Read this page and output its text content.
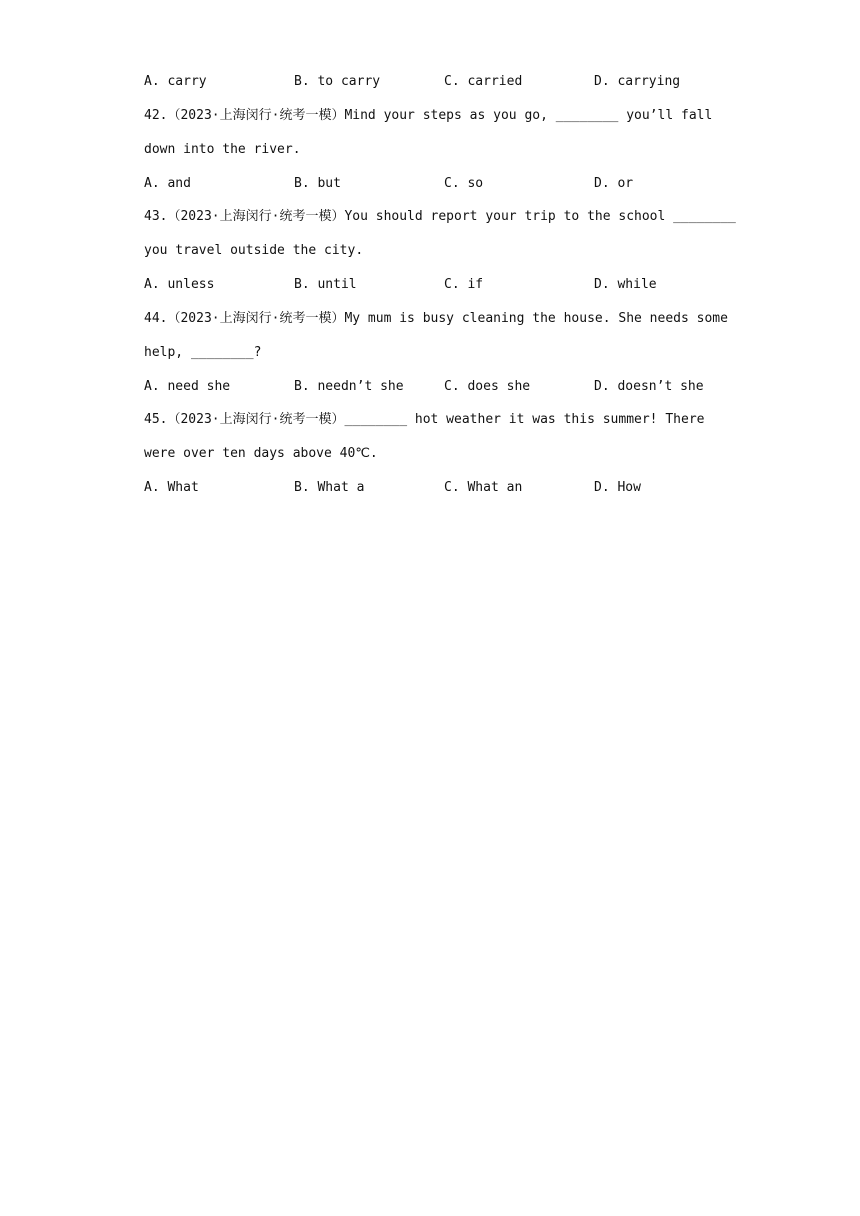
A. carry	B. to carry	C. carried	D. carrying
42.（2023·上海闵行·统考一模）Mind your steps as you go, ________ you’ll fall
down into the river.
A. and	B. but	C. so	D. or
43.（2023·上海闵行·统考一模）You should report your trip to the school ________
you travel outside the city.
A. unless	B. until	C. if	D. while
44.（2023·上海闵行·统考一模）My mum is busy cleaning the house. She needs some
help, ________?
A. need she	B. needn’t she	C. does she	D. doesn’t she
45.（2023·上海闵行·统考一模）________ hot weather it was this summer! There
were over ten days above 40℃.
A. What	B. What a	C. What an	D. How
